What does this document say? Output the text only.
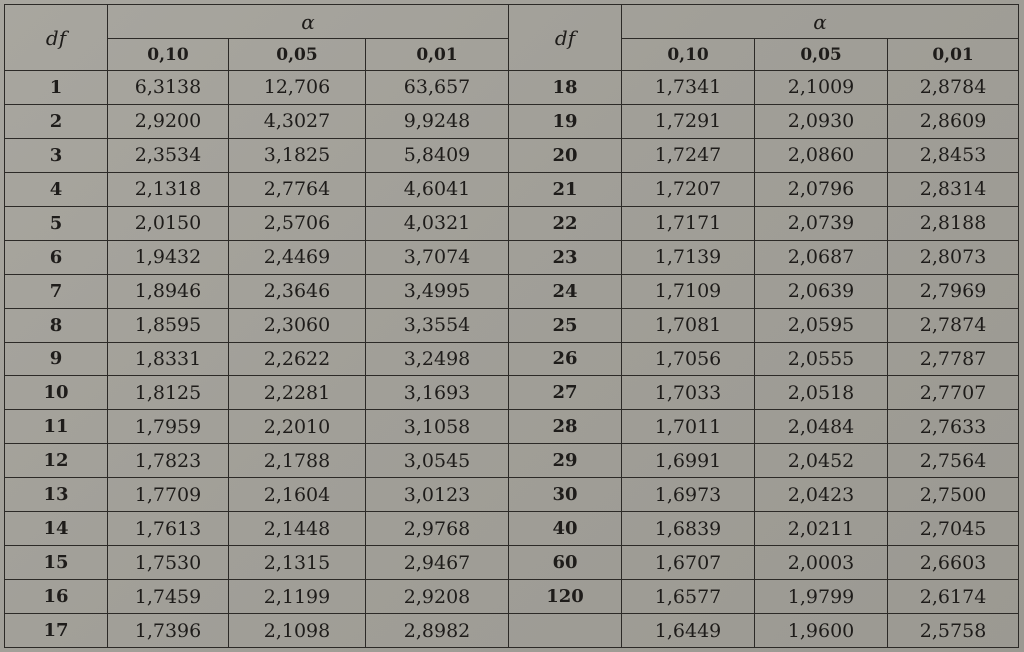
df	α			df	α		
	0,10	0,05	0,01		0,10	0,05	0,01
1	6,3138	12,706	63,657	18	1,7341	2,1009	2,8784
2	2,9200	4,3027	9,9248	19	1,7291	2,0930	2,8609
3	2,3534	3,1825	5,8409	20	1,7247	2,0860	2,8453
4	2,1318	2,7764	4,6041	21	1,7207	2,0796	2,8314
5	2,0150	2,5706	4,0321	22	1,7171	2,0739	2,8188
6	1,9432	2,4469	3,7074	23	1,7139	2,0687	2,8073
7	1,8946	2,3646	3,4995	24	1,7109	2,0639	2,7969
8	1,8595	2,3060	3,3554	25	1,7081	2,0595	2,7874
9	1,8331	2,2622	3,2498	26	1,7056	2,0555	2,7787
10	1,8125	2,2281	3,1693	27	1,7033	2,0518	2,7707
11	1,7959	2,2010	3,1058	28	1,7011	2,0484	2,7633
12	1,7823	2,1788	3,0545	29	1,6991	2,0452	2,7564
13	1,7709	2,1604	3,0123	30	1,6973	2,0423	2,7500
14	1,7613	2,1448	2,9768	40	1,6839	2,0211	2,7045
15	1,7530	2,1315	2,9467	60	1,6707	2,0003	2,6603
16	1,7459	2,1199	2,9208	120	1,6577	1,9799	2,6174
17	1,7396	2,1098	2,8982		1,6449	1,9600	2,5758
